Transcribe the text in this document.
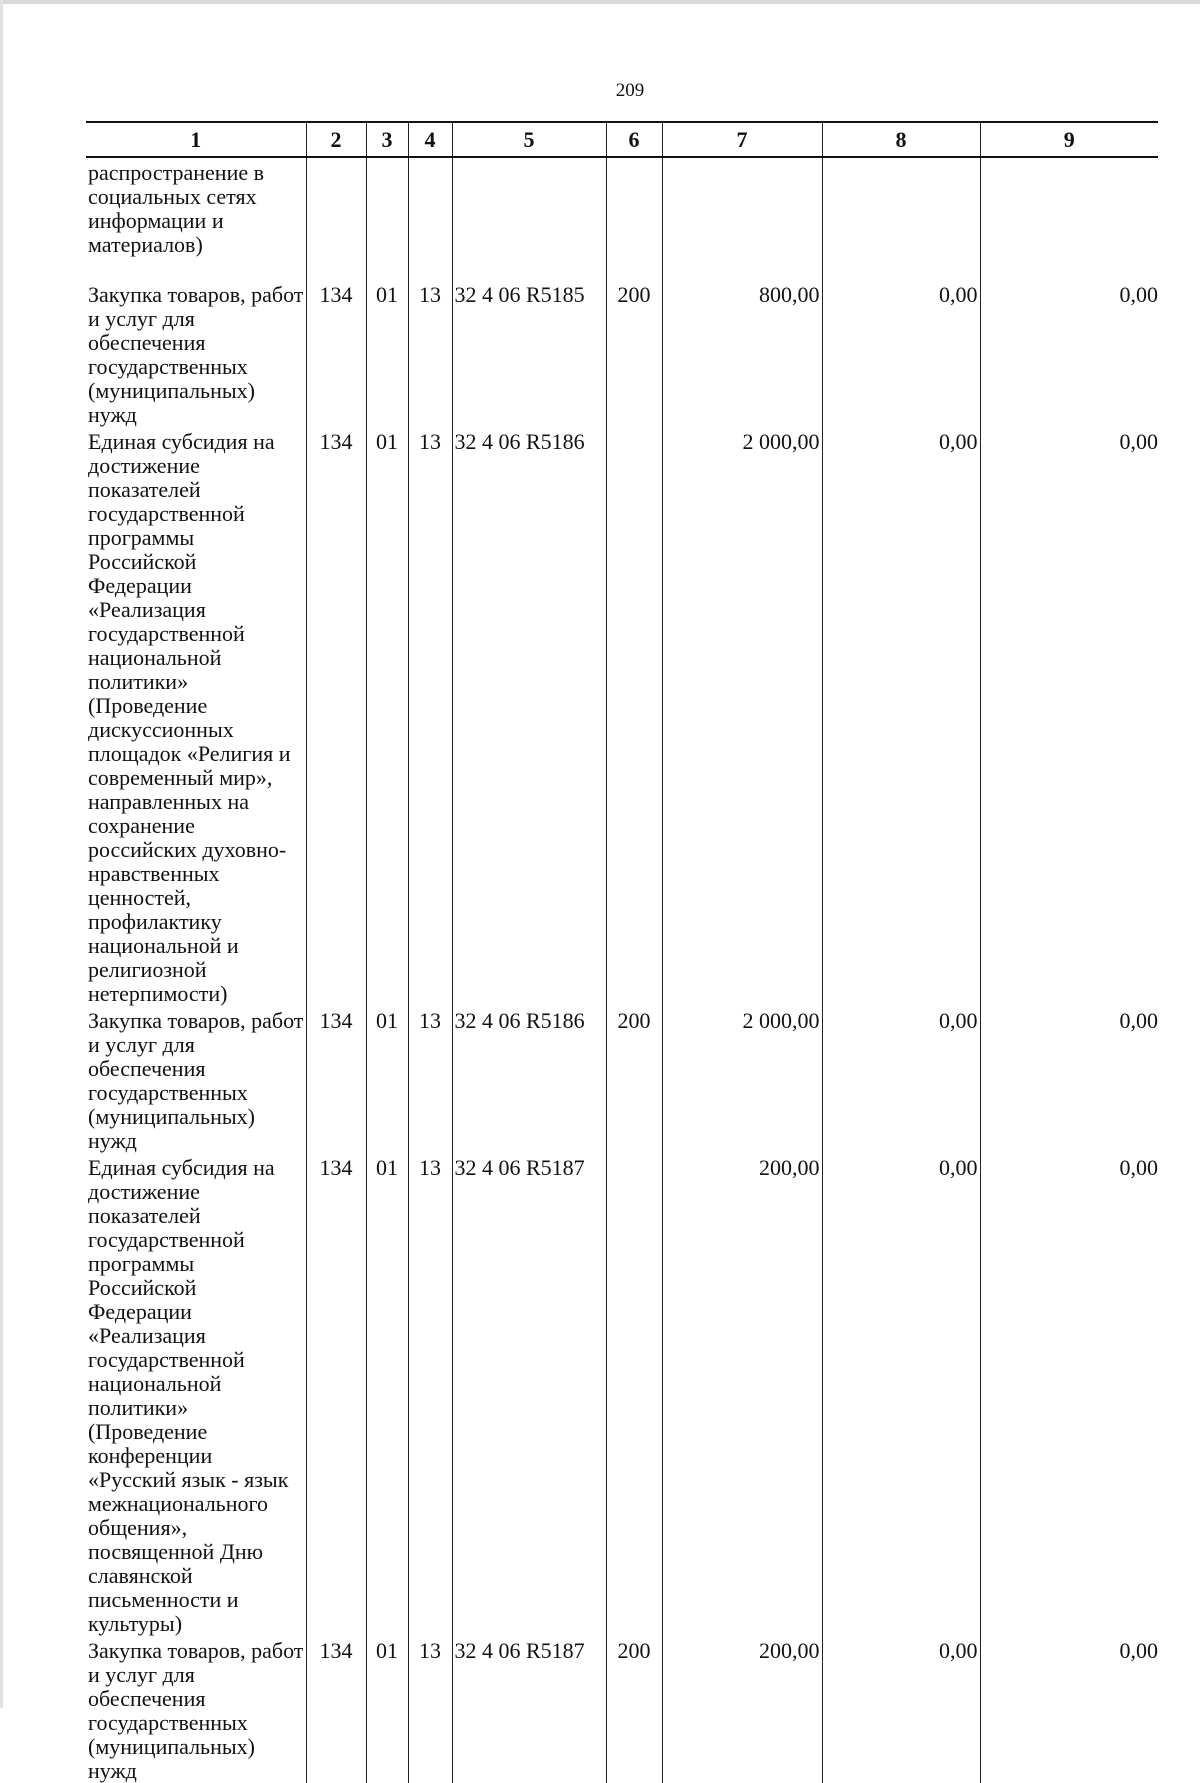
209
1	2	3	4	5	6	7	8	9
распространение в социальных сетях информации и материалов)								
Закупка товаров, работ и услуг для обеспечения государственных (муниципальных) нужд	134	01	13	32 4 06 R5185	200	800,00	0,00	0,00
Единая субсидия на достижение показателей государственной программы Российской Федерации «Реализация государственной национальной политики» (Проведение дискуссионных площадок «Религия и современный мир», направленных на сохранение российских духовно-нравственных ценностей, профилактику национальной и религиозной нетерпимости)	134	01	13	32 4 06 R5186		2 000,00	0,00	0,00
Закупка товаров, работ и услуг для обеспечения государственных (муниципальных) нужд	134	01	13	32 4 06 R5186	200	2 000,00	0,00	0,00
Единая субсидия на достижение показателей государственной программы Российской Федерации «Реализация государственной национальной политики» (Проведение конференции «Русский язык - язык межнационального общения», посвященной Дню славянской письменности и культуры)	134	01	13	32 4 06 R5187		200,00	0,00	0,00
Закупка товаров, работ и услуг для обеспечения государственных (муниципальных) нужд	134	01	13	32 4 06 R5187	200	200,00	0,00	0,00
